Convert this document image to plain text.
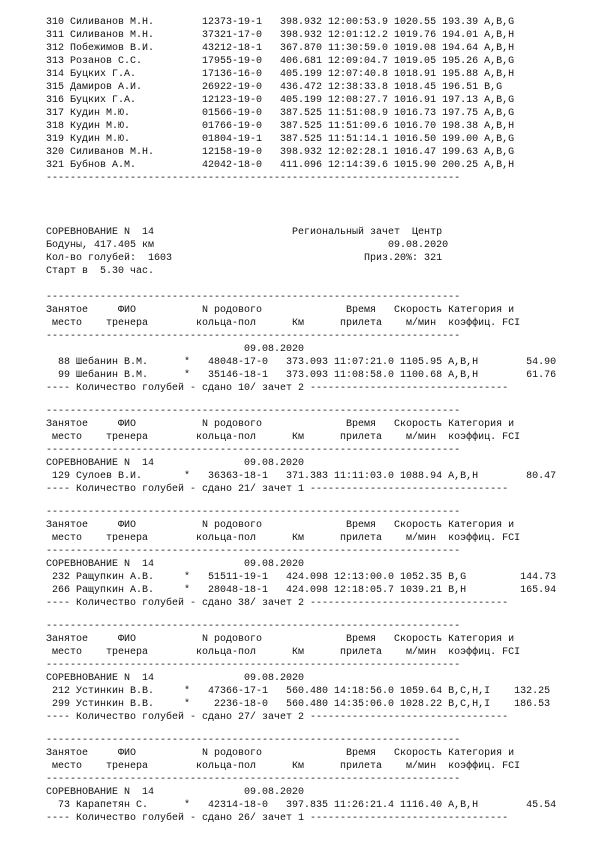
310 Силиванов М.Н.        12373-19-1   398.932 12:00:53.9 1020.55 193.39 A,B,G
311 Силиванов М.Н.        37321-17-0   398.932 12:01:12.2 1019.76 194.01 A,B,H
312 Побежимов В.И.        43212-18-1   367.870 11:30:59.0 1019.08 194.64 A,B,H
313 Розанов С.С.          17955-19-0   406.681 12:09:04.7 1019.05 195.26 A,B,G
314 Буцких Г.А.           17136-16-0   405.199 12:07:40.8 1018.91 195.88 A,B,H
315 Дамиров А.И.          26922-19-0   436.472 12:38:33.8 1018.45 196.51 B,G
316 Буцких Г.А.           12123-19-0   405.199 12:08:27.7 1016.91 197.13 A,B,G
317 Кудин М.Ю.            01566-19-0   387.525 11:51:08.9 1016.73 197.75 A,B,G
318 Кудин М.Ю.            01766-19-0   387.525 11:51:09.6 1016.70 198.38 A,B,H
319 Кудин М.Ю.            01804-19-1   387.525 11:51:14.1 1016.50 199.00 A,B,G
320 Силиванов М.Н.        12158-19-0   398.932 12:02:28.1 1016.47 199.63 A,B,G
321 Бубнов А.М.           42042-18-0   411.096 12:14:39.6 1015.90 200.25 A,B,H
---------------------------------------------------------------------
СОРЕВНОВАНИЕ N  14                       Региональный зачет  Центр
Бодуны, 417.405 км                                       09.08.2020
Кол-во голубей:  1603                                Приз.20%: 321
Старт в  5.30 час.
---------------------------------------------------------------------
Занятое     ФИО           N родового              Время   Скорость Категория и
место    тренера        кольца-пол      Км      прилета    м/мин  коэффиц. FCI
---------------------------------------------------------------------
09.08.2020
88 Шебанин В.М.      *   48048-17-0   373.093 11:07:21.0 1105.95 A,B,H        54.90
99 Шебанин В.М.      *   35146-18-1   373.093 11:08:58.0 1100.68 A,B,H        61.76
---- Количество голубей - сдано 10/ зачет 2 ---------------------------------
---------------------------------------------------------------------
Занятое     ФИО           N родового              Время   Скорость Категория и
место    тренера        кольца-пол      Км      прилета    м/мин  коэффиц. FCI
---------------------------------------------------------------------
СОРЕВНОВАНИЕ N  14               09.08.2020
129 Сулоев В.И.       *   36363-18-1   371.383 11:11:03.0 1088.94 A,B,H        80.47
---- Количество голубей - сдано 21/ зачет 1 ---------------------------------
---------------------------------------------------------------------
Занятое     ФИО           N родового              Время   Скорость Категория и
место    тренера        кольца-пол      Км      прилета    м/мин  коэффиц. FCI
---------------------------------------------------------------------
СОРЕВНОВАНИЕ N  14               09.08.2020
232 Ращупкин А.В.     *   51511-19-1   424.098 12:13:00.0 1052.35 B,G         144.73
266 Ращупкин А.В.     *   28048-18-1   424.098 12:18:05.7 1039.21 B,H         165.94
---- Количество голубей - сдано 38/ зачет 2 ---------------------------------
---------------------------------------------------------------------
Занятое     ФИО           N родового              Время   Скорость Категория и
место    тренера        кольца-пол      Км      прилета    м/мин  коэффиц. FCI
---------------------------------------------------------------------
СОРЕВНОВАНИЕ N  14               09.08.2020
212 Устинкин В.В.     *   47366-17-1   560.480 14:18:56.0 1059.64 B,C,H,I    132.25
299 Устинкин В.В.     *    2236-18-0   560.480 14:35:06.0 1028.22 B,C,H,I    186.53
---- Количество голубей - сдано 27/ зачет 2 ---------------------------------
---------------------------------------------------------------------
Занятое     ФИО           N родового              Время   Скорость Категория и
место    тренера        кольца-пол      Км      прилета    м/мин  коэффиц. FCI
---------------------------------------------------------------------
СОРЕВНОВАНИЕ N  14               09.08.2020
73 Карапетян С.      *   42314-18-0   397.835 11:26:21.4 1116.40 A,B,H        45.54
---- Количество голубей - сдано 26/ зачет 1 ---------------------------------
